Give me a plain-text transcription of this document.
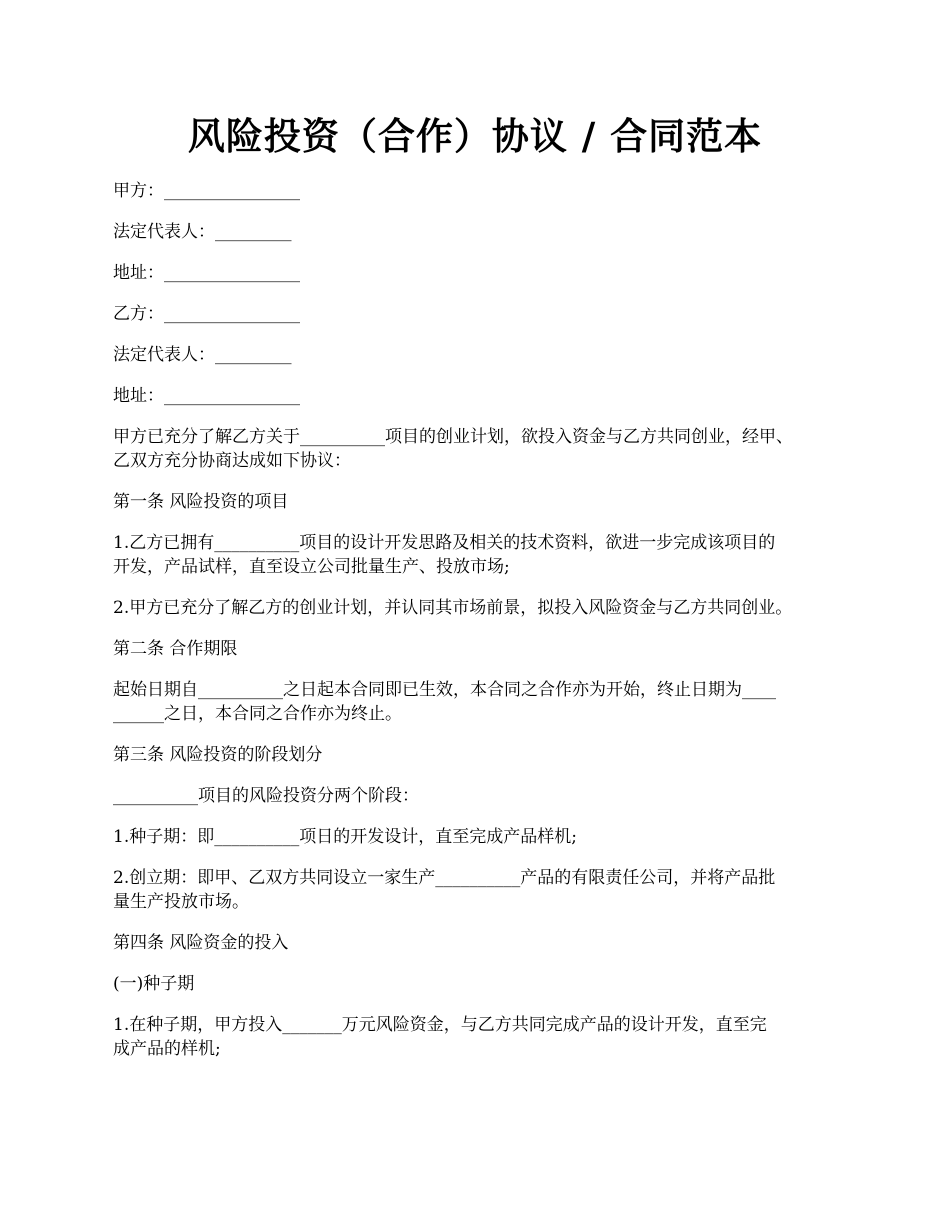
风险投资（合作）协议 / 合同范本
甲方：________________
法定代表人：_________
地址：________________
乙方：________________
法定代表人：_________
地址：________________
甲方已充分了解乙方关于__________项目的创业计划，欲投入资金与乙方共同创业，经甲、
乙双方充分协商达成如下协议：
第一条 风险投资的项目
1.乙方已拥有__________项目的设计开发思路及相关的技术资料，欲进一步完成该项目的
开发，产品试样，直至设立公司批量生产、投放市场;
2.甲方已充分了解乙方的创业计划，并认同其市场前景，拟投入风险资金与乙方共同创业。
第二条 合作期限
起始日期自__________之日起本合同即已生效，本合同之合作亦为开始，终止日期为____
______之日，本合同之合作亦为终止。
第三条 风险投资的阶段划分
__________项目的风险投资分两个阶段：
1.种子期：即__________项日的开发设计，直至完成产品样机;
2.创立期：即甲、乙双方共同设立一家生产__________产品的有限责任公司，并将产品批
量生产投放市场。
第四条 风险资金的投入
(一)种子期
1.在种子期，甲方投入_______万元风险资金，与乙方共同完成产品的设计开发，直至完
成产品的样机;
